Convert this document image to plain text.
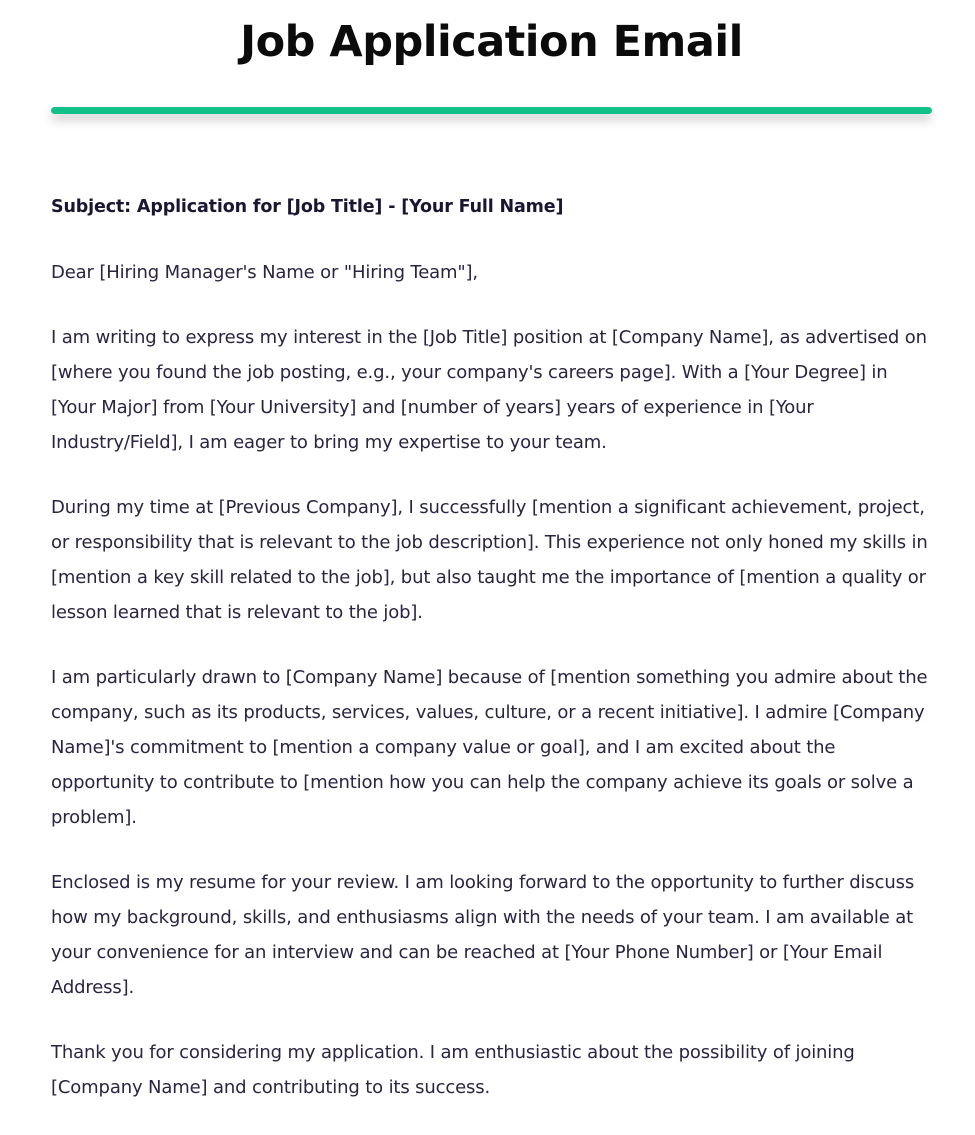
Job Application Email

Subject: Application for [Job Title] - [Your Full Name]

Dear [Hiring Manager's Name or "Hiring Team"],

I am writing to express my interest in the [Job Title] position at [Company Name], as advertised on [where you found the job posting, e.g., your company's careers page]. With a [Your Degree] in [Your Major] from [Your University] and [number of years] years of experience in [Your Industry/Field], I am eager to bring my expertise to your team.

During my time at [Previous Company], I successfully [mention a significant achievement, project, or responsibility that is relevant to the job description]. This experience not only honed my skills in [mention a key skill related to the job], but also taught me the importance of [mention a quality or lesson learned that is relevant to the job].

I am particularly drawn to [Company Name] because of [mention something you admire about the company, such as its products, services, values, culture, or a recent initiative]. I admire [Company Name]'s commitment to [mention a company value or goal], and I am excited about the opportunity to contribute to [mention how you can help the company achieve its goals or solve a problem].

Enclosed is my resume for your review. I am looking forward to the opportunity to further discuss how my background, skills, and enthusiasms align with the needs of your team. I am available at your convenience for an interview and can be reached at [Your Phone Number] or [Your Email Address].

Thank you for considering my application. I am enthusiastic about the possibility of joining [Company Name] and contributing to its success.
